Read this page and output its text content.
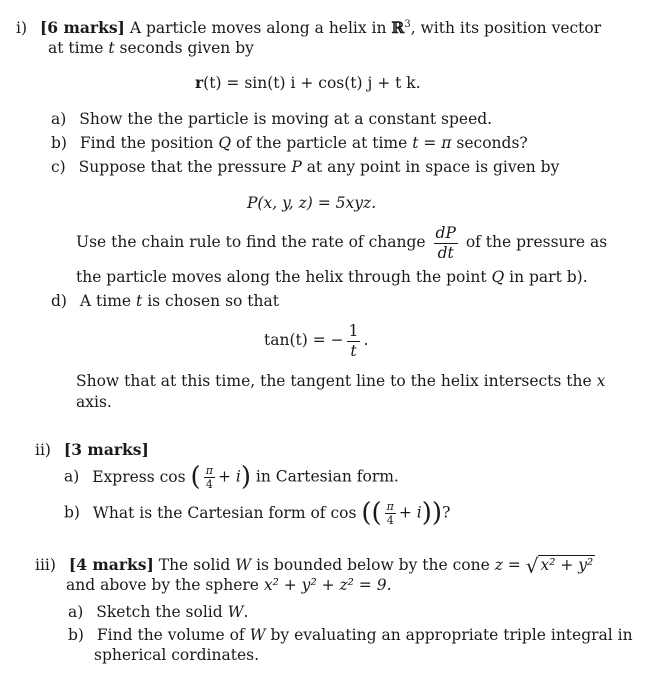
i) [6 marks] A particle moves along a helix in ℝ$^3$, with its position vector
at time t seconds given by
r(t) = sin(t) i + cos(t) j + t k.
a) Show the the particle is moving at a constant speed.
b) Find the position Q of the particle at time t = π seconds?
c) Suppose that the pressure P at any point in space is given by
P(x, y, z) = 5xyz.
Use the chain rule to find the rate of change $\frac{dP}{dt}$ of the pressure as
the particle moves along the helix through the point Q in part b).
d) A time t is chosen so that
tan(t) = − $\frac{1}{t}$ .
Show that at this time, the tangent line to the helix intersects the x
axis.
ii) [3 marks]
a) Express cos ( $\frac{\pi}{4} + i$) in Cartesian form.
b) What is the Cartesian form of cos (( $\frac{\pi}{4} + i$))?
iii) [4 marks] The solid W is bounded below by the cone z = √ x² + y²
and above by the sphere x² + y² + z² = 9.
a) Sketch the solid W.
b) Find the volume of W by evaluating an appropriate triple integral in
spherical cordinates.
